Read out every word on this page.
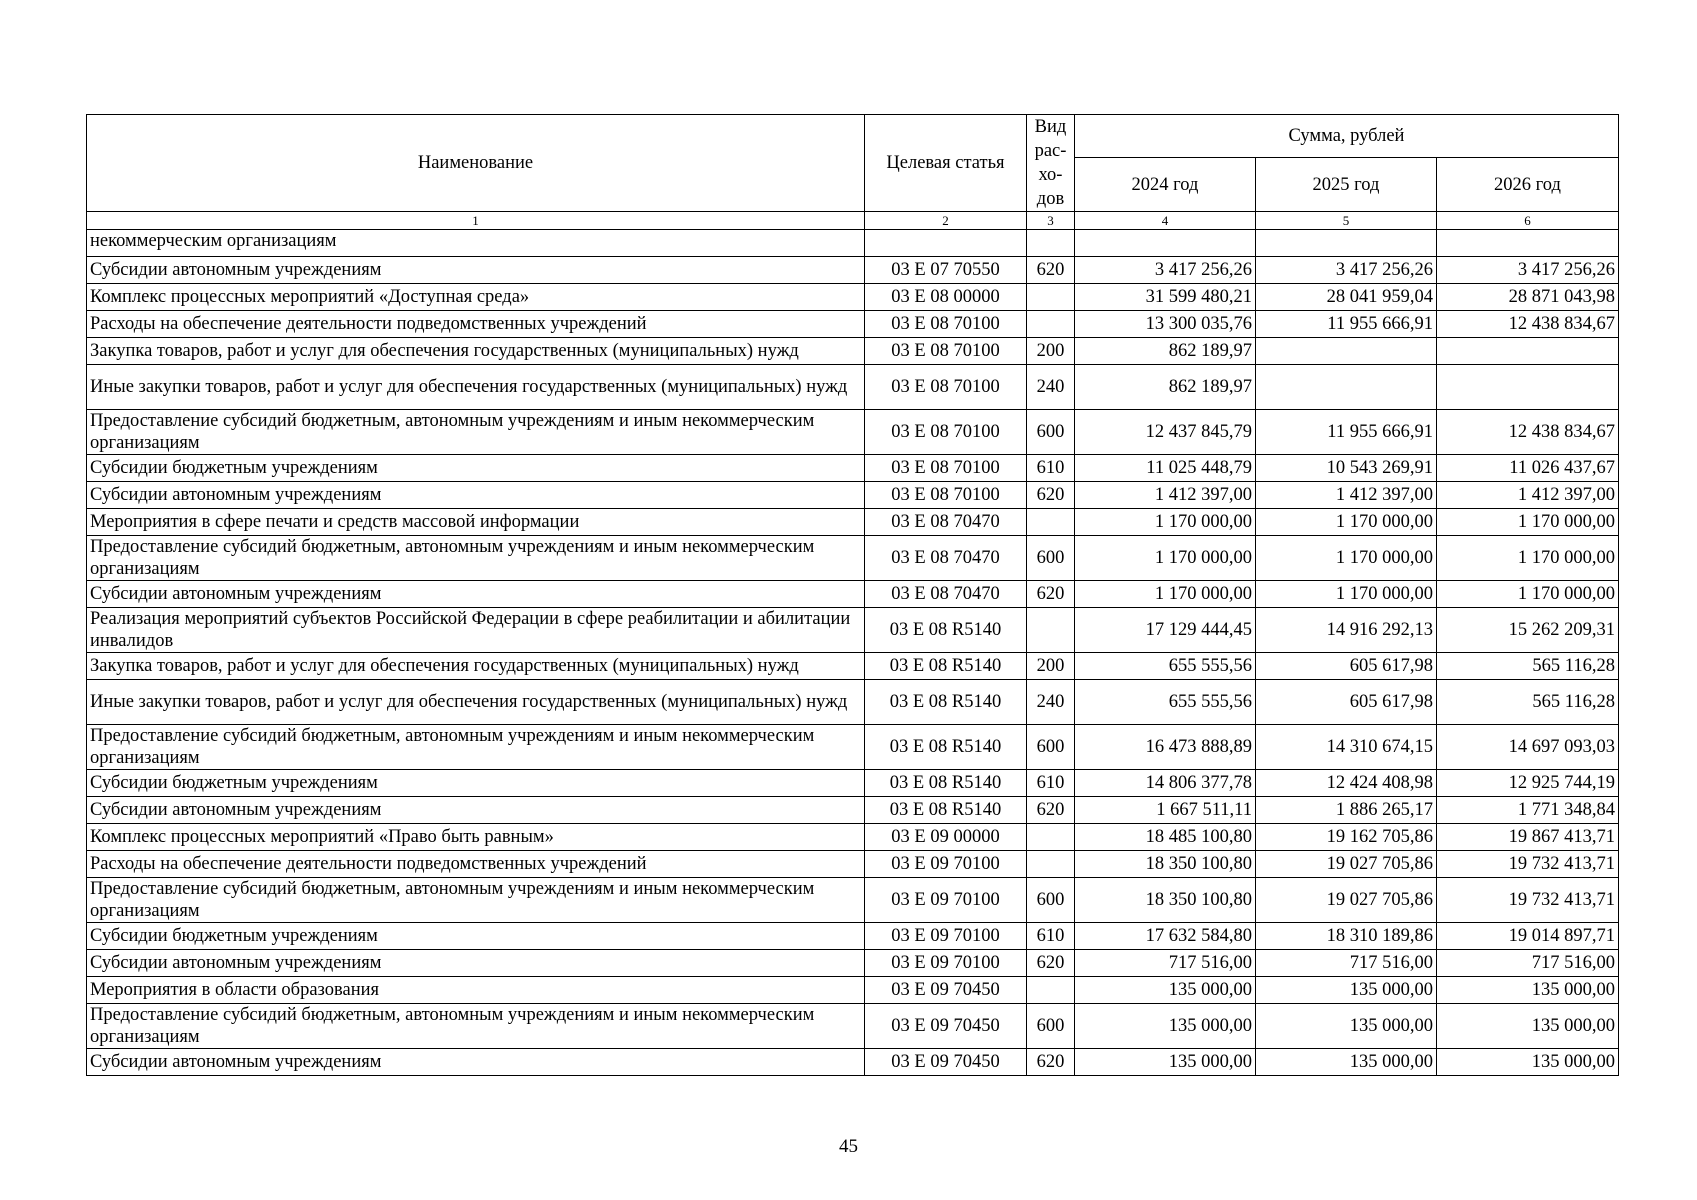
Наименование	Целевая статья	Вид
рас-
хо-
дов	Сумма, рублей		
			2024 год	2025 год	2026 год
1	2	3	4	5	6
некоммерческим организациям					
Субсидии автономным учреждениям	03 Е 07 70550	620	3 417 256,26	3 417 256,26	3 417 256,26
Комплекс процессных мероприятий «Доступная среда»	03 Е 08 00000		31 599 480,21	28 041 959,04	28 871 043,98
Расходы на обеспечение деятельности подведомственных учреждений	03 Е 08 70100		13 300 035,76	11 955 666,91	12 438 834,67
Закупка товаров, работ и услуг для обеспечения государственных (муниципальных) нужд	03 Е 08 70100	200	862 189,97		
Иные закупки товаров, работ и услуг для обеспечения государственных (муниципальных) нужд	03 Е 08 70100	240	862 189,97		
Предоставление субсидий бюджетным, автономным учреждениям и иным некоммерческим организациям	03 Е 08 70100	600	12 437 845,79	11 955 666,91	12 438 834,67
Субсидии бюджетным учреждениям	03 Е 08 70100	610	11 025 448,79	10 543 269,91	11 026 437,67
Субсидии автономным учреждениям	03 Е 08 70100	620	1 412 397,00	1 412 397,00	1 412 397,00
Мероприятия в сфере печати и средств массовой информации	03 Е 08 70470		1 170 000,00	1 170 000,00	1 170 000,00
Предоставление субсидий бюджетным, автономным учреждениям и иным некоммерческим организациям	03 Е 08 70470	600	1 170 000,00	1 170 000,00	1 170 000,00
Субсидии автономным учреждениям	03 Е 08 70470	620	1 170 000,00	1 170 000,00	1 170 000,00
Реализация мероприятий субъектов Российской Федерации в сфере реабилитации и абилитации инвалидов	03 Е 08 R5140		17 129 444,45	14 916 292,13	15 262 209,31
Закупка товаров, работ и услуг для обеспечения государственных (муниципальных) нужд	03 Е 08 R5140	200	655 555,56	605 617,98	565 116,28
Иные закупки товаров, работ и услуг для обеспечения государственных (муниципальных) нужд	03 Е 08 R5140	240	655 555,56	605 617,98	565 116,28
Предоставление субсидий бюджетным, автономным учреждениям и иным некоммерческим организациям	03 Е 08 R5140	600	16 473 888,89	14 310 674,15	14 697 093,03
Субсидии бюджетным учреждениям	03 Е 08 R5140	610	14 806 377,78	12 424 408,98	12 925 744,19
Субсидии автономным учреждениям	03 Е 08 R5140	620	1 667 511,11	1 886 265,17	1 771 348,84
Комплекс процессных мероприятий «Право быть равным»	03 Е 09 00000		18 485 100,80	19 162 705,86	19 867 413,71
Расходы на обеспечение деятельности подведомственных учреждений	03 Е 09 70100		18 350 100,80	19 027 705,86	19 732 413,71
Предоставление субсидий бюджетным, автономным учреждениям и иным некоммерческим организациям	03 Е 09 70100	600	18 350 100,80	19 027 705,86	19 732 413,71
Субсидии бюджетным учреждениям	03 Е 09 70100	610	17 632 584,80	18 310 189,86	19 014 897,71
Субсидии автономным учреждениям	03 Е 09 70100	620	717 516,00	717 516,00	717 516,00
Мероприятия в области образования	03 Е 09 70450		135 000,00	135 000,00	135 000,00
Предоставление субсидий бюджетным, автономным учреждениям и иным некоммерческим организациям	03 Е 09 70450	600	135 000,00	135 000,00	135 000,00
Субсидии автономным учреждениям	03 Е 09 70450	620	135 000,00	135 000,00	135 000,00
45
